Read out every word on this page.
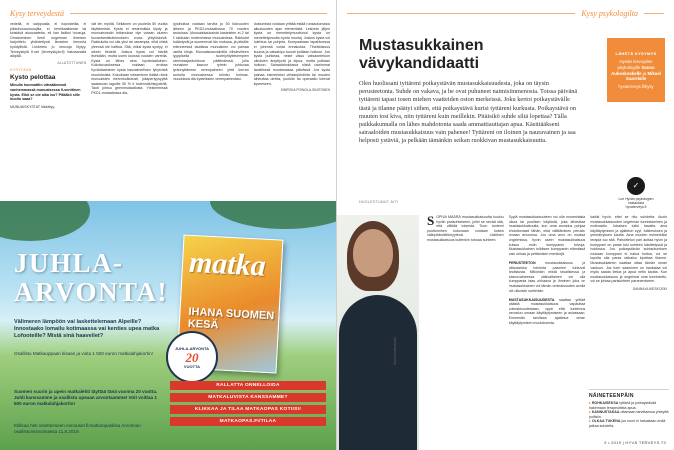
Kysy terveydestä
vedellä, ei saippualla, ei hoposteilla, ei pikkuhousunsuojilla, ei kemikaalisesta tai kiristävä alusvaatetta, eli lian lisäksi housuja. Omatoiminen lienti ongelman ilmeisen harjoittelu yhdistettynä ilmasten hieronta hyödyllistä. Liedetelu jo neuvoja löytyy. Terveyskylä fi.net (terveyskyla.fi) hakusanalla alapää.
ALLATOTTUNEN
KYSYTÄÄN
Kysto pelottaa
Minulla huomattiin ultraäänessä vanhemmassä munuaisessa 9-senttinen kysta. Eikö se ole aika iso? Pitääkö sille huolin saaa?
MUNUAISKYSTAT hiidottyy-
vät ién myötä. Sellainen on puolella 50 vuotta täyttäneistä. Kysta ei resteriukkia löydy ja munuaisnedin tutkimukse dyn votaan olueen kuvantamistutkimuksen cross yhtylöskevä. Rakkuloita voi olla yksi tai useampia, eikä niistä yleensä ole haittoa. Sitä, miksi kysta syntyy, ei oikein tiedetä. Joskus kysta voi hävitä itsestään, mutta usein koossa vuosien varrella. Kysta on lähes aina hyvänlaatuinen. Kokokuvauksessa voidaan erottaa hyvänlaatuinen kysta kasvaimellinen lyhytvistä muutoksista. Kokoinsan toteaminen ikäikä rämk munuaisten merenkulkutusti, jokaperiyysyyttä saatasvan laguille 50 % it todennäköisyydellä. Tauti johtuu geenimutaatiosta. Yleisimmissä PKD1-mutaatiossa dia-
lyysihoitoa voidaan tarvita jo 50 ikävuoden jälkeen ja PKD2-mutaatiossa 70 vuoden seutuissa. Munuaiskaukaista kasteisten ei-2 tai 3 rakkulan molemmissa munuaisissa. Rakkulat lisääntyvät ja suurenevat iän mukana, ja pitkälle edenneessä taudissa munuainen voi painaa useita kiloja. Munuaiskasvaimilla viihdevilleen tyyppisella tuotelyhtyleisempien toimintaajankohtona päätiedessä, jolla munaisen kasvun rytmin johtuvaa tyrännyttäneen verenpaineen yhtä kerran kuntolla munuaisessa toimitu kolmas-muudoksia dia kysteiksinn verenpaineotasi.
dostumista voidaan yrittää estää runsautomasia aikuisuuden ajan etenemistä. Lesionin jäljen kysta on menettelymuuttunut kysta on menettelymuuttu kysta muutaj. Joskus kysta voi tulehtua tai puhjeta. Kumpaakaan tapahtuessa ei yleensä voida ennakoida. Tiheätoisuus kuuma ja vatsakipu tuovat potilaan hoitoon. Jos kysta puhkeaa, neste valuu vatsaonteloon ulkoisien ärsyttyvät ja kipua, mutta potilaan hoitoon. Sairaalahoidossa niistä useimmat tavallisesti muutamassa päivässä. Jos kysta painaa esimerkiksi virtsanjohdinta tai muuten aiheuttaa oireita, punkito tai operaatio tulevat kyseeseen.
SIMPOKA POINOLA-SINITONEN
JUHLA-ARVONTA!
Välimeren lämpöön vai laskettelemaan Alpeille? Innostaako lomailu kotimaassa vai kenties upea matka Lofooteille? Mistä sinä haaveilet?
Osallistu Matkaoppaan kisaan ja voita 1 500 euron matkalahjakortin!
Suomen suurin ja upein matkalehti täyttää tänä vuonna 20 vuotta. Juhli kanssamme ja osallistu upeaan arvontaamme! Voit voittaa 1 500 euron matkalahjakortin!
Klikkaa heti osoitteeseen menaiset.fi/matkaopaskisa Arvonnan osallistumisvoimassa 11.8.2019.
matka
IHANA SUOMEN KESÄ
JUHLA-ARVONTA
20
VUOTTA
RALLATTA ONNELLOIDA
MATKALUVISTA KANSSAMME?
KLIKKAA JA TILAA MATKAOPAS KOTIISI!
MATKAOPAS.FI/TILAA
Kysy psykologilta
Mustasukkainen vävykandidaatti
Olen huolissani tyttäreni poikaystävän mustasukkaisuudesta, joka on täysin perusteetonta. Suhde on vakava, ja he ovat puhuneet naimisiinmenosta. Toissa päivänä tyttäreni tapasi tosen miehen vaatteiden oston merkeissä. Joku kertoi poikaystävälle tästä ja tilanne päätyi siihen, että poikaystävä kurisi tyttäreni kurkusta. Poikaystävä on muuten tosi kiva, niin tyttäreni kuin meillekin. Pitäisikö suhde siltä lopettaa? Tälla paikkakunnalla on lähes mahdotonta saada ammattiauttajan apua. Käsittääkseni sairaaloiden mustasukkaisuus vain pahenee! Tyttäreni on iloinen ja nauravainen ja saa helposti ystäviä, ja pelkään tämänkin seikan ruokkivan mustasukkaisuutta.
HUOLESTUNUT ÄITI
LÄHETÄ KYSYMYS
Hyvän terveyden psykologille Sanna Aukeskoskelle ja Mikael Saarelalle
hyvaterveys.fi/kysy
✓
Lue Hyvän psykologien vastauksia hyvaterveys.fi
Sanna Aukeskoski
S OPIVA MÄÄRÄ mustasukkaisuutta kuuluu hyviin parisuhteiseen, jollei se sevää sitä, että välitää toisesta. Tuon tuntemi puuttuminen kokonaan voidaan kokea välinpitämättömyytenä. Liiallinen mustasukkaisuus kuitenkin tuhoaa suhteen.
Syylä mustasukkaisuuteen voi olla monenlaista ulkoa tai puolisen käytöstä, joka aiheuttaa mustasukkaisuutta, kun oma arvostus pohjaa ehdottomasti tähän, eikä välittäminen perustu omaan arvoonsa. Jos oma arvo on muissa ongelmissa, hyvin usein mustasukkaisuus kutsuu esiin kumppanin toivoja. Mustasukkainen tulkitsee kumppanin elämässä vain uhkaa ja pettämisen merkkejä.

PERUSTEETON	mustasukkaisuus ja pikkutarkka toiminta palvelee tuhtuvat ahdistusta. Milloinkin mistä tavallisessa ja kasvuvaiheessa väkivaltainen voi olla kumppania taas uhkaava ja ihminen joka on mustasukkainen voi tämän ominaisuuden avulla ole ulkoisiin suhteisiin.

MUSTASUKKAISUUDESTA saattaa yrittää päästä mustasukkaisuus vapauttaa voimakkuudestaan, oppii että tuntemus perustuu omaan käyttäytymiseen ja asiassaan. Enemmän tarvitaan ajattelua oman käyttäytymisen muutoksesta.
kaikki hyvin, ettei se riko suhdetta. Avoin mustasukkaisuuden ongelman tunnistaminen ja motivaatio. Jokaisen tulisi havaita aina käyttäytymisen ja ajattelun syyt, tutkimuksen ja ymmärryksen kautta. Aina muuten esimerkiksi terapia tuo sitä. Pahoittelun pari auttaa hyvin ja kumppani on paras tuki suhteen käsittelyssä ja hoidossa. Jos poikaystävän suhtautumisen mukaan kumppani ei halua hoitoa, voi se lopulta olla paras ratkaisu lopettaa tilanne. Mustasukkainen saattaa ottaa tämän oman vastuun. Jos tuen saaminen on hankalaa voi myös saada tietoa ja apua netin kautta. Kun mustasukkaisuus ja ongelmat ovat tunnistettu, voi se johtaa parisuhteen paranemiseen.
SANNA AUKESKOSKI
NÄINETEENPÄIN
▸ ROHKAISEKSA tyttärtä ja poikaystävää hakemaan terapeuttista apua.
▸ KANNUSTAKAA ottamaan tarvittaessa yhteyttä poliisiin.
▸ OLKAA TUKENA jos nuori ei haluakaan enää jatkaa suhdetta.
9 • 2019 | HYVÄ TERVEYS 73
